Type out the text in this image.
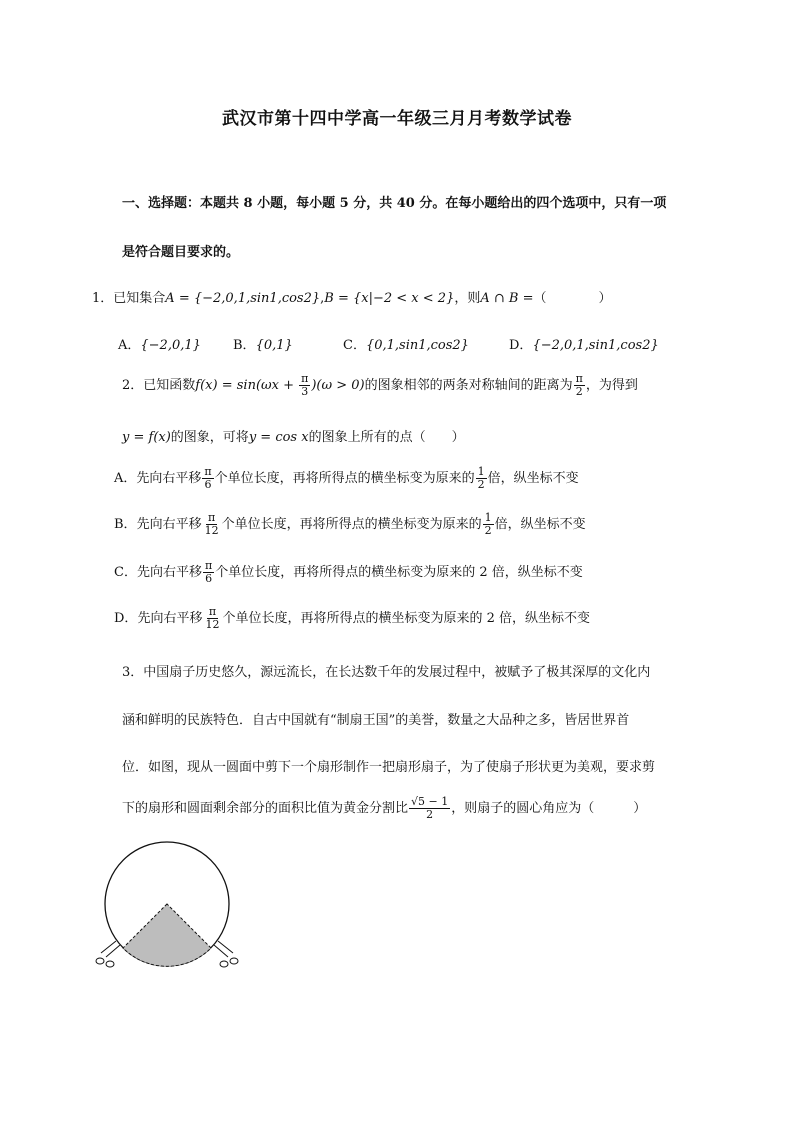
武汉市第十四中学高一年级三月月考数学试卷
一、选择题：本题共 8 小题，每小题 5 分，共 40 分。在每小题给出的四个选项中，只有一项
是符合题目要求的。
1．已知集合A = {−2,0,1,sin1,cos2},B = {x|−2 < x < 2}，则A ∩ B =（　　　　）
A．{−2,0,1} B．{0,1}	C．{0,1,sin1,cos2}	D．{−2,0,1,sin1,cos2}
2．已知函数$f(x) = \sin(\omega x + \frac{\pi}{3} )(\omega > 0)$的图象相邻的两条对称轴间的距离为 $\frac{\pi}{2}$ ，为得到
y = f(x)的图象，可将y = cos x的图象上所有的点（　　）
A．先向右平移 $\frac{\pi}{6}$ 个单位长度，再将所得点的横坐标变为原来的 $\frac{1}{2}$ 倍，纵坐标不变
B．先向右平移 $\frac{\pi}{12}$ 个单位长度，再将所得点的横坐标变为原来的 $\frac{1}{2}$ 倍，纵坐标不变
C．先向右平移 $\frac{\pi}{6}$ 个单位长度，再将所得点的横坐标变为原来的 2 倍，纵坐标不变
D．先向右平移 $\frac{\pi}{12}$ 个单位长度，再将所得点的横坐标变为原来的 2 倍，纵坐标不变
3．中国扇子历史悠久，源远流长，在长达数千年的发展过程中，被赋予了极其深厚的文化内
涵和鲜明的民族特色．自古中国就有“制扇王国”的美誉，数量之大品种之多，皆居世界首
位．如图，现从一圆面中剪下一个扇形制作一把扇形扇子，为了使扇子形状更为美观，要求剪
下的扇形和圆面剩余部分的面积比值为黄金分割比 $\frac{√5 - 1}{2}$ ，则扇子的圆心角应为（　　　）
